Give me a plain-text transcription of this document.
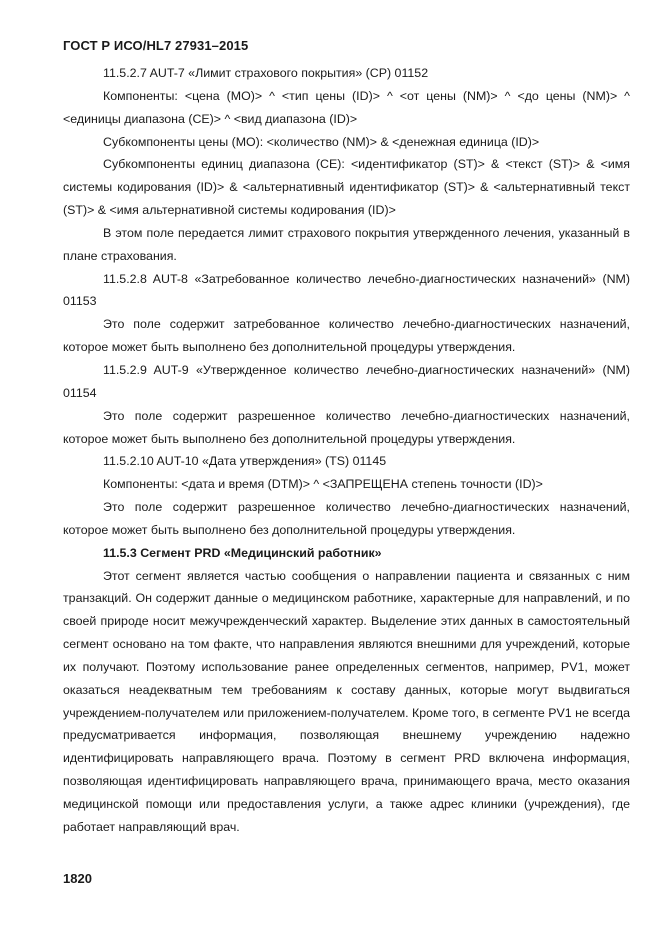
ГОСТ Р ИСО/HL7 27931–2015

11.5.2.7 AUT-7 «Лимит страхового покрытия» (CP) 01152

Компоненты: <цена (MO)> ^ <тип цены (ID)> ^ <от цены (NM)> ^ <до цены (NM)> ^ <единицы диапазона (CE)> ^ <вид диапазона (ID)>

Субкомпоненты цены (MO): <количество (NM)> & <денежная единица (ID)>

Субкомпоненты единиц диапазона (CE): <идентификатор (ST)> & <текст (ST)> & <имя системы кодирования (ID)> & <альтернативный идентификатор (ST)> & <альтернативный текст (ST)> & <имя альтернативной системы кодирования (ID)>

В этом поле передается лимит страхового покрытия утвержденного лечения, указанный в плане страхования.

11.5.2.8 AUT-8 «Затребованное количество лечебно-диагностических назначений» (NM) 01153

Это поле содержит затребованное количество лечебно-диагностических назначений, которое может быть выполнено без дополнительной процедуры утверждения.

11.5.2.9 AUT-9 «Утвержденное количество лечебно-диагностических назначений» (NM) 01154

Это поле содержит разрешенное количество лечебно-диагностических назначений, которое может быть выполнено без дополнительной процедуры утверждения.

11.5.2.10 AUT-10 «Дата утверждения» (TS) 01145

Компоненты: <дата и время (DTM)> ^ <ЗАПРЕЩЕНА степень точности (ID)>

Это поле содержит разрешенное количество лечебно-диагностических назначений, которое может быть выполнено без дополнительной процедуры утверждения.

11.5.3 Сегмент PRD «Медицинский работник»

Этот сегмент является частью сообщения о направлении пациента и связанных с ним транзакций. Он содержит данные о медицинском работнике, характерные для направлений, и по своей природе носит межучрежденческий характер. Выделение этих данных в самостоятельный сегмент основано на том факте, что направления являются внешними для учреждений, которые их получают. Поэтому использование ранее определенных сегментов, например, PV1, может оказаться неадекватным тем требованиям к составу данных, которые могут выдвигаться учреждением-получателем или приложением-получателем. Кроме того, в сегменте PV1 не всегда предусматривается информация, позволяющая внешнему учреждению надежно идентифицировать направляющего врача. Поэтому в сегмент PRD включена информация, позволяющая идентифицировать направляющего врача, принимающего врача, место оказания медицинской помощи или предоставления услуги, а также адрес клиники (учреждения), где работает направляющий врач.

1820
